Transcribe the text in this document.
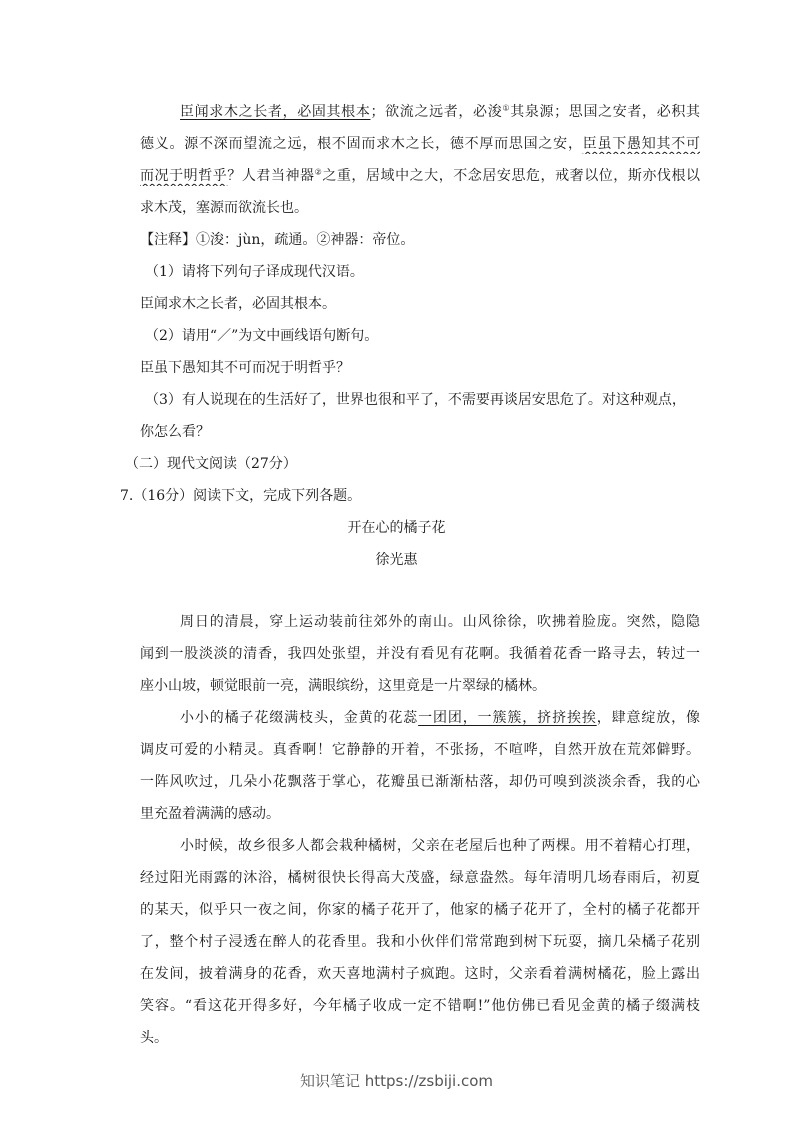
臣闻求木之长者，必固其根本；欲流之远者，必浚①其泉源；思国之安者，必积其
德义。源不深而望流之远，根不固而求木之长，德不厚而思国之安，臣虽下愚知其不可
而况于明哲乎？人君当神器②之重，居域中之大，不念居安思危，戒奢以位，斯亦伐根以
求木茂，塞源而欲流长也。
【注释】①浚：jùn，疏通。②神器：帝位。
（1）请将下列句子译成现代汉语。
臣闻求木之长者，必固其根本。
（2）请用“／”为文中画线语句断句。
臣虽下愚知其不可而况于明哲乎？
（3）有人说现在的生活好了，世界也很和平了，不需要再谈居安思危了。对这种观点，
你怎么看？
（二）现代文阅读（27分）
7.（16分）阅读下文，完成下列各题。
开在心的橘子花
徐光惠
周日的清晨，穿上运动装前往郊外的南山。山风徐徐，吹拂着脸庞。突然，隐隐
闻到一股淡淡的清香，我四处张望，并没有看见有花啊。我循着花香一路寻去，转过一
座小山坡，顿觉眼前一亮，满眼缤纷，这里竟是一片翠绿的橘林。
小小的橘子花缀满枝头，金黄的花蕊一团团，一簇簇，挤挤挨挨，肆意绽放，像
调皮可爱的小精灵。真香啊！它静静的开着，不张扬，不喧哗，自然开放在荒郊僻野。
一阵风吹过，几朵小花飘落于掌心，花瓣虽已渐渐枯落，却仍可嗅到淡淡余香，我的心
里充盈着满满的感动。
小时候，故乡很多人都会栽种橘树，父亲在老屋后也种了两棵。用不着精心打理，
经过阳光雨露的沐浴，橘树很快长得高大茂盛，绿意盎然。每年清明几场春雨后，初夏
的某天，似乎只一夜之间，你家的橘子花开了，他家的橘子花开了，全村的橘子花都开
了，整个村子浸透在醉人的花香里。我和小伙伴们常常跑到树下玩耍，摘几朵橘子花别
在发间，披着满身的花香，欢天喜地满村子疯跑。这时，父亲看着满树橘花，脸上露出
笑容。“看这花开得多好，今年橘子收成一定不错啊!”他仿佛已看见金黄的橘子缀满枝
头。
知识笔记 https://zsbiji.com
